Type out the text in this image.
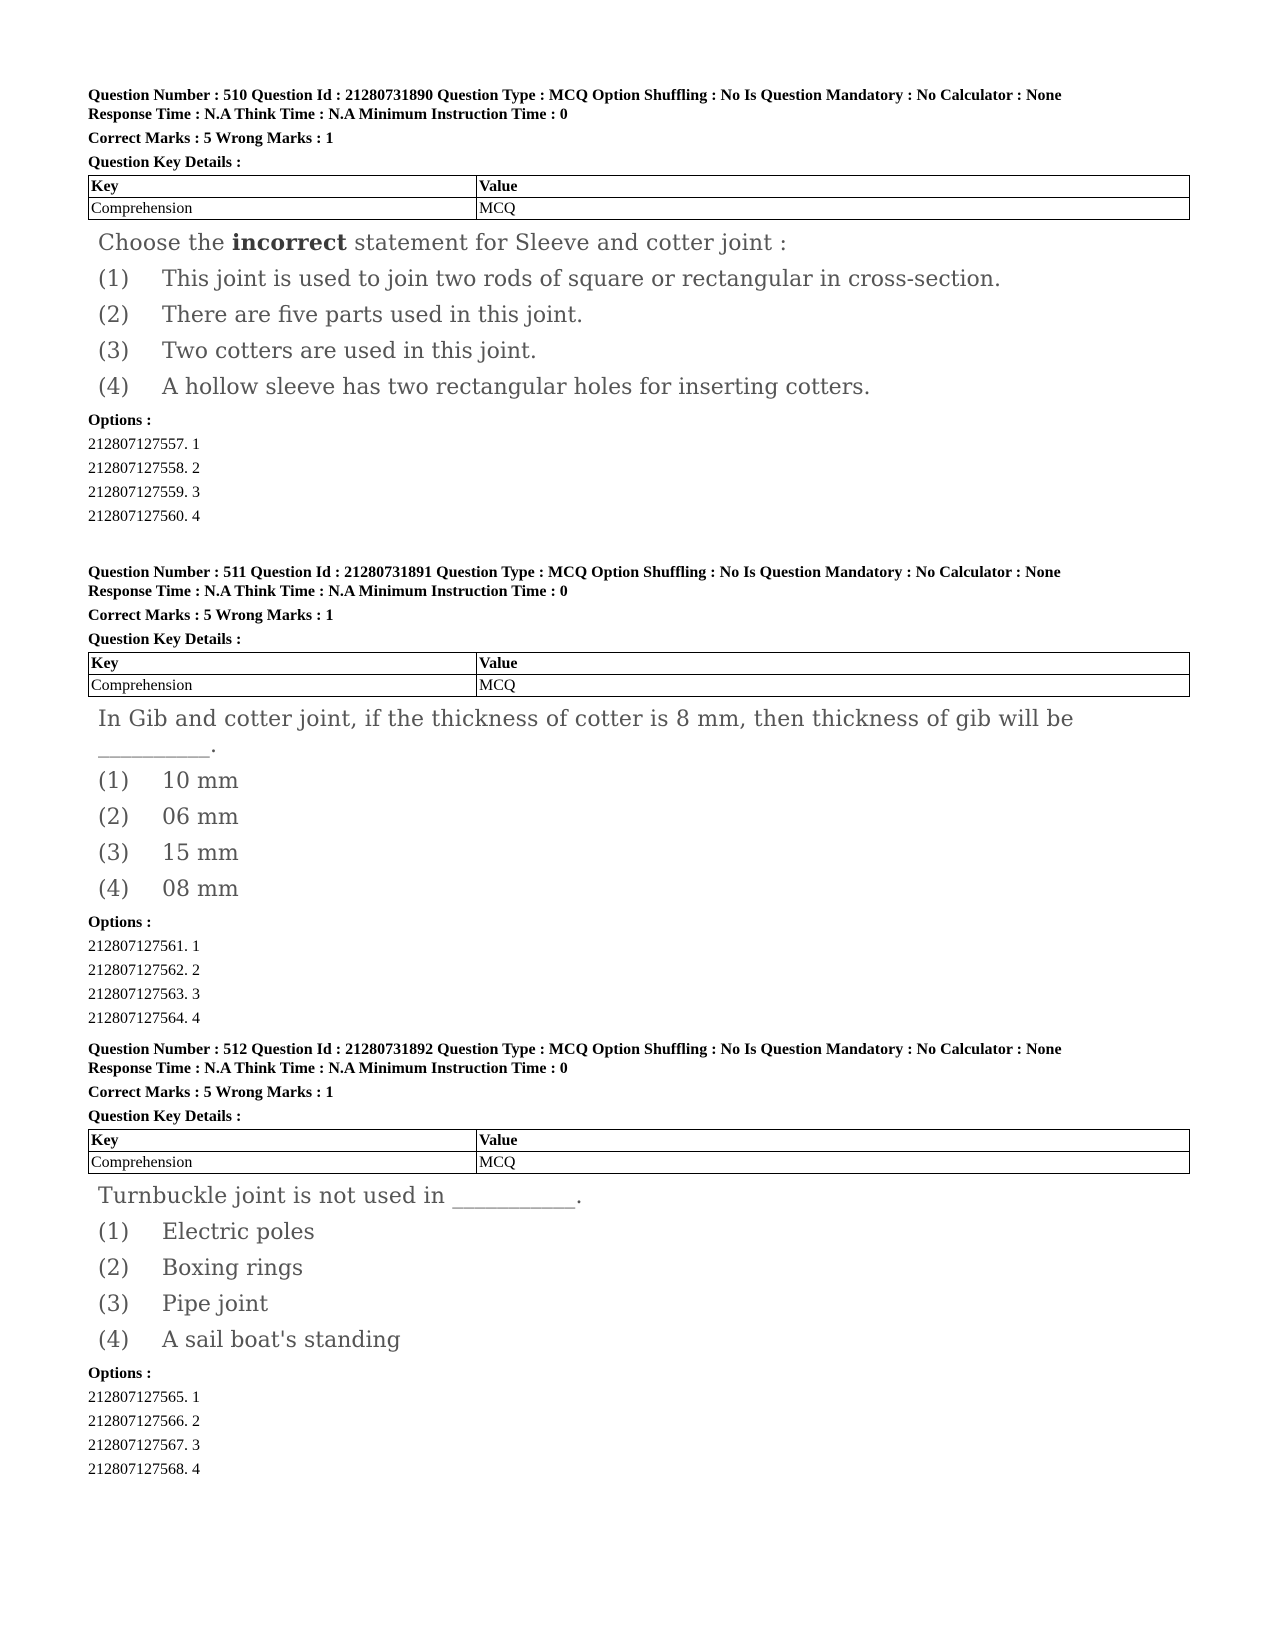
Question Number : 510 Question Id : 21280731890 Question Type : MCQ Option Shuffling : No Is Question Mandatory : No Calculator : None
Response Time : N.A Think Time : N.A Minimum Instruction Time : 0
Correct Marks : 5 Wrong Marks : 1
Question Key Details :
Key	Value
Comprehension	MCQ
Choose the incorrect statement for Sleeve and cotter joint :
(1)	This joint is used to join two rods of square or rectangular in cross-section.
(2)	There are five parts used in this joint.
(3)	Two cotters are used in this joint.
(4)	A hollow sleeve has two rectangular holes for inserting cotters.
Options :
212807127557. 1
212807127558. 2
212807127559. 3
212807127560. 4
Question Number : 511 Question Id : 21280731891 Question Type : MCQ Option Shuffling : No Is Question Mandatory : No Calculator : None
Response Time : N.A Think Time : N.A Minimum Instruction Time : 0
Correct Marks : 5 Wrong Marks : 1
Question Key Details :
Key	Value
Comprehension	MCQ
In Gib and cotter joint, if the thickness of cotter is 8 mm, then thickness of gib will be __________.
(1)	10 mm
(2)	06 mm
(3)	15 mm
(4)	08 mm
Options :
212807127561. 1
212807127562. 2
212807127563. 3
212807127564. 4
Question Number : 512 Question Id : 21280731892 Question Type : MCQ Option Shuffling : No Is Question Mandatory : No Calculator : None
Response Time : N.A Think Time : N.A Minimum Instruction Time : 0
Correct Marks : 5 Wrong Marks : 1
Question Key Details :
Key	Value
Comprehension	MCQ
Turnbuckle joint is not used in ___________.
(1)	Electric poles
(2)	Boxing rings
(3)	Pipe joint
(4)	A sail boat's standing
Options :
212807127565. 1
212807127566. 2
212807127567. 3
212807127568. 4
